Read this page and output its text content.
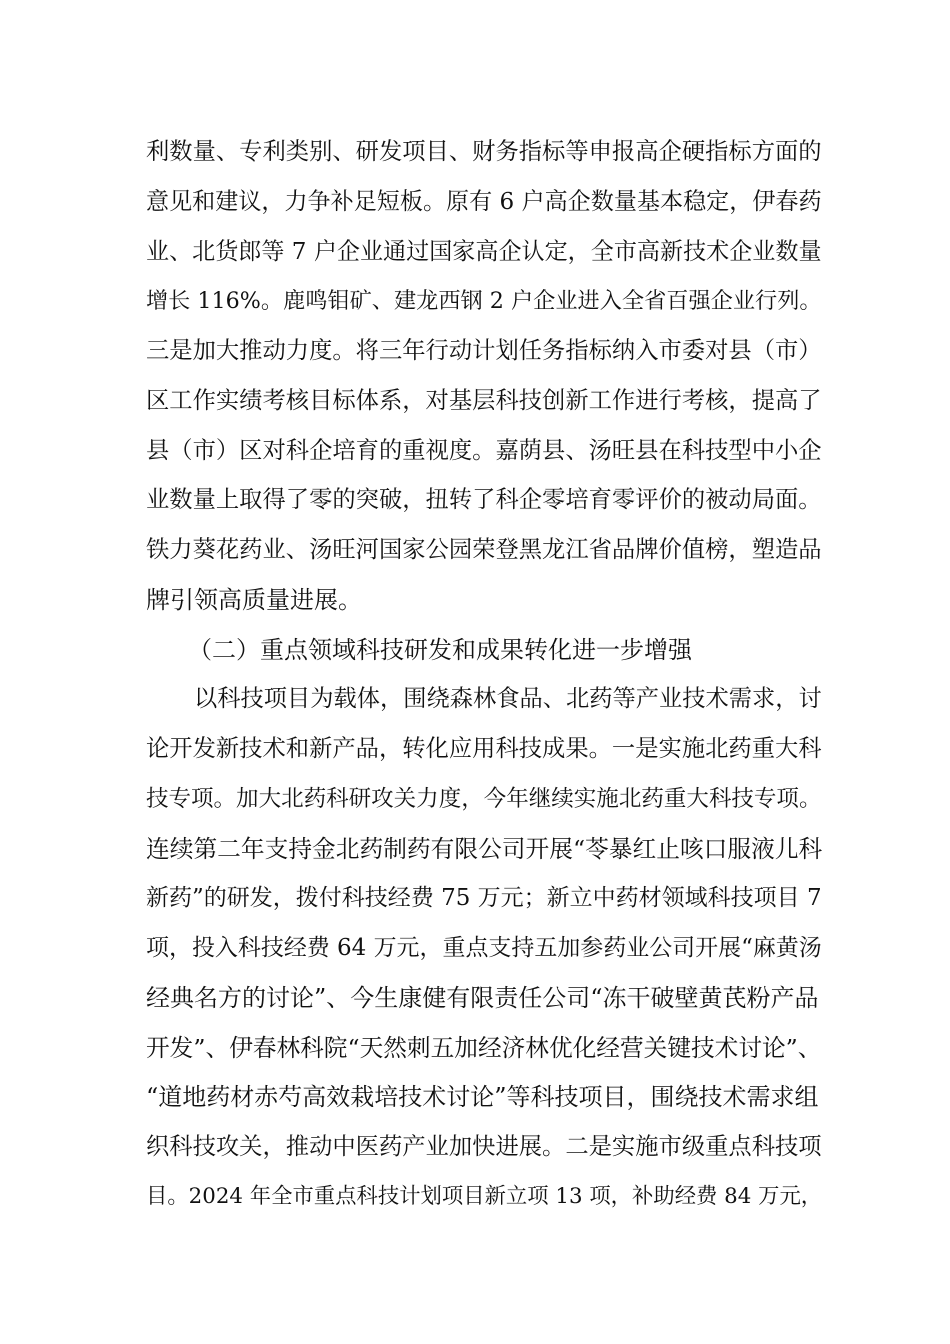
利数量、专利类别、研发项目、财务指标等申报高企硬指标方面的
意见和建议，力争补足短板。原有 6 户高企数量基本稳定，伊春药
业、北货郎等 7 户企业通过国家高企认定，全市高新技术企业数量
增长 116%。鹿鸣钼矿、建龙西钢 2 户企业进入全省百强企业行列。
三是加大推动力度。将三年行动计划任务指标纳入市委对县（市）
区工作实绩考核目标体系，对基层科技创新工作进行考核，提高了
县（市）区对科企培育的重视度。嘉荫县、汤旺县在科技型中小企
业数量上取得了零的突破，扭转了科企零培育零评价的被动局面。
铁力葵花药业、汤旺河国家公园荣登黑龙江省品牌价值榜，塑造品
牌引领高质量进展。
（二）重点领域科技研发和成果转化进一步增强
以科技项目为载体，围绕森林食品、北药等产业技术需求，讨
论开发新技术和新产品，转化应用科技成果。一是实施北药重大科
技专项。加大北药科研攻关力度，今年继续实施北药重大科技专项。
连续第二年支持金北药制药有限公司开展“苓暴红止咳口服液儿科
新药”的研发，拨付科技经费 75 万元；新立中药材领域科技项目 7
项，投入科技经费 64 万元，重点支持五加参药业公司开展“麻黄汤
经典名方的讨论”、今生康健有限责任公司“冻干破壁黄芪粉产品
开发”、伊春林科院“天然刺五加经济林优化经营关键技术讨论”、
“道地药材赤芍高效栽培技术讨论”等科技项目，围绕技术需求组
织科技攻关，推动中医药产业加快进展。二是实施市级重点科技项
目。2024 年全市重点科技计划项目新立项 13 项，补助经费 84 万元，
